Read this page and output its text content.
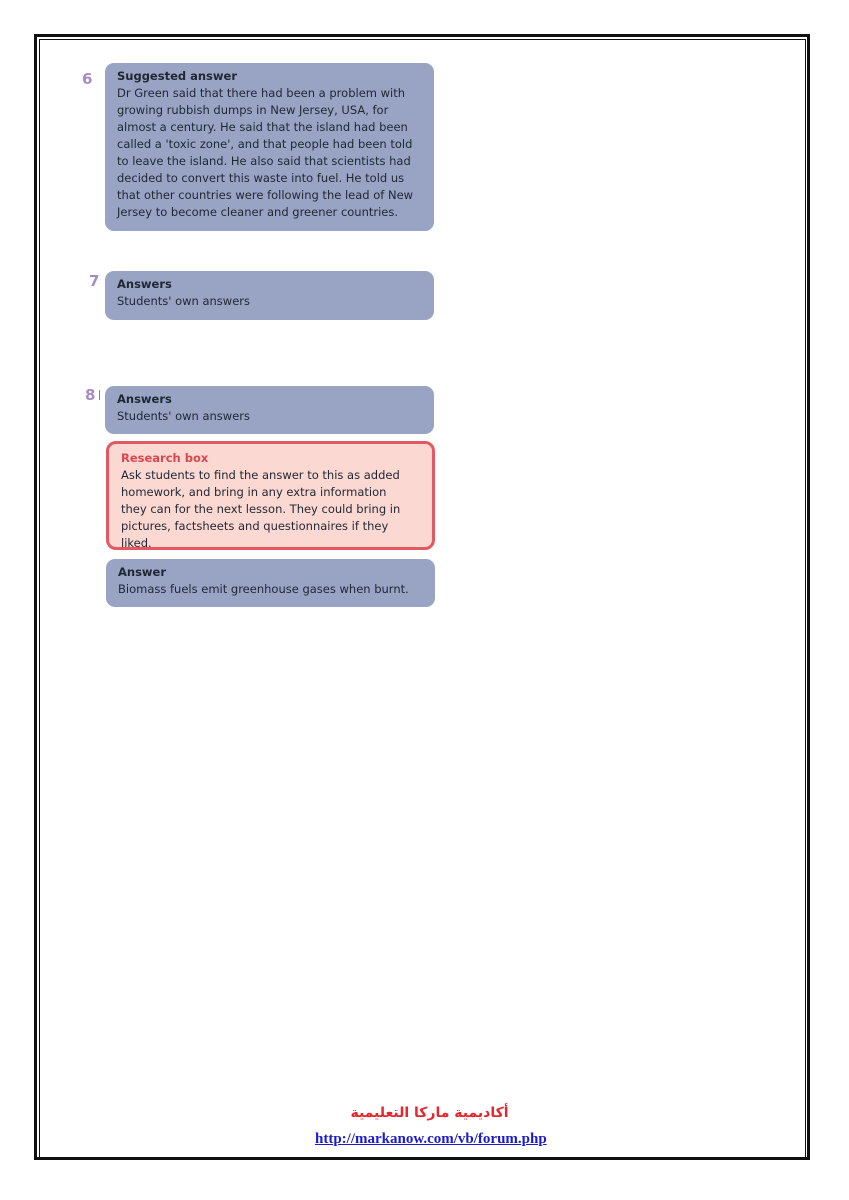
6 Suggested answer
Dr Green said that there had been a problem with
growing rubbish dumps in New Jersey, USA, for
almost a century. He said that the island had been
called a 'toxic zone', and that people had been told
to leave the island. He also said that scientists had
decided to convert this waste into fuel. He told us
that other countries were following the lead of New
Jersey to become cleaner and greener countries.
7 Answers
Students' own answers
8 Answers
Students' own answers
Research box
Ask students to find the answer to this as added
homework, and bring in any extra information
they can for the next lesson. They could bring in
pictures, factsheets and questionnaires if they liked.
Answer
Biomass fuels emit greenhouse gases when burnt.
أكاديمية ماركا التعليمية
http://markanow.com/vb/forum.php
